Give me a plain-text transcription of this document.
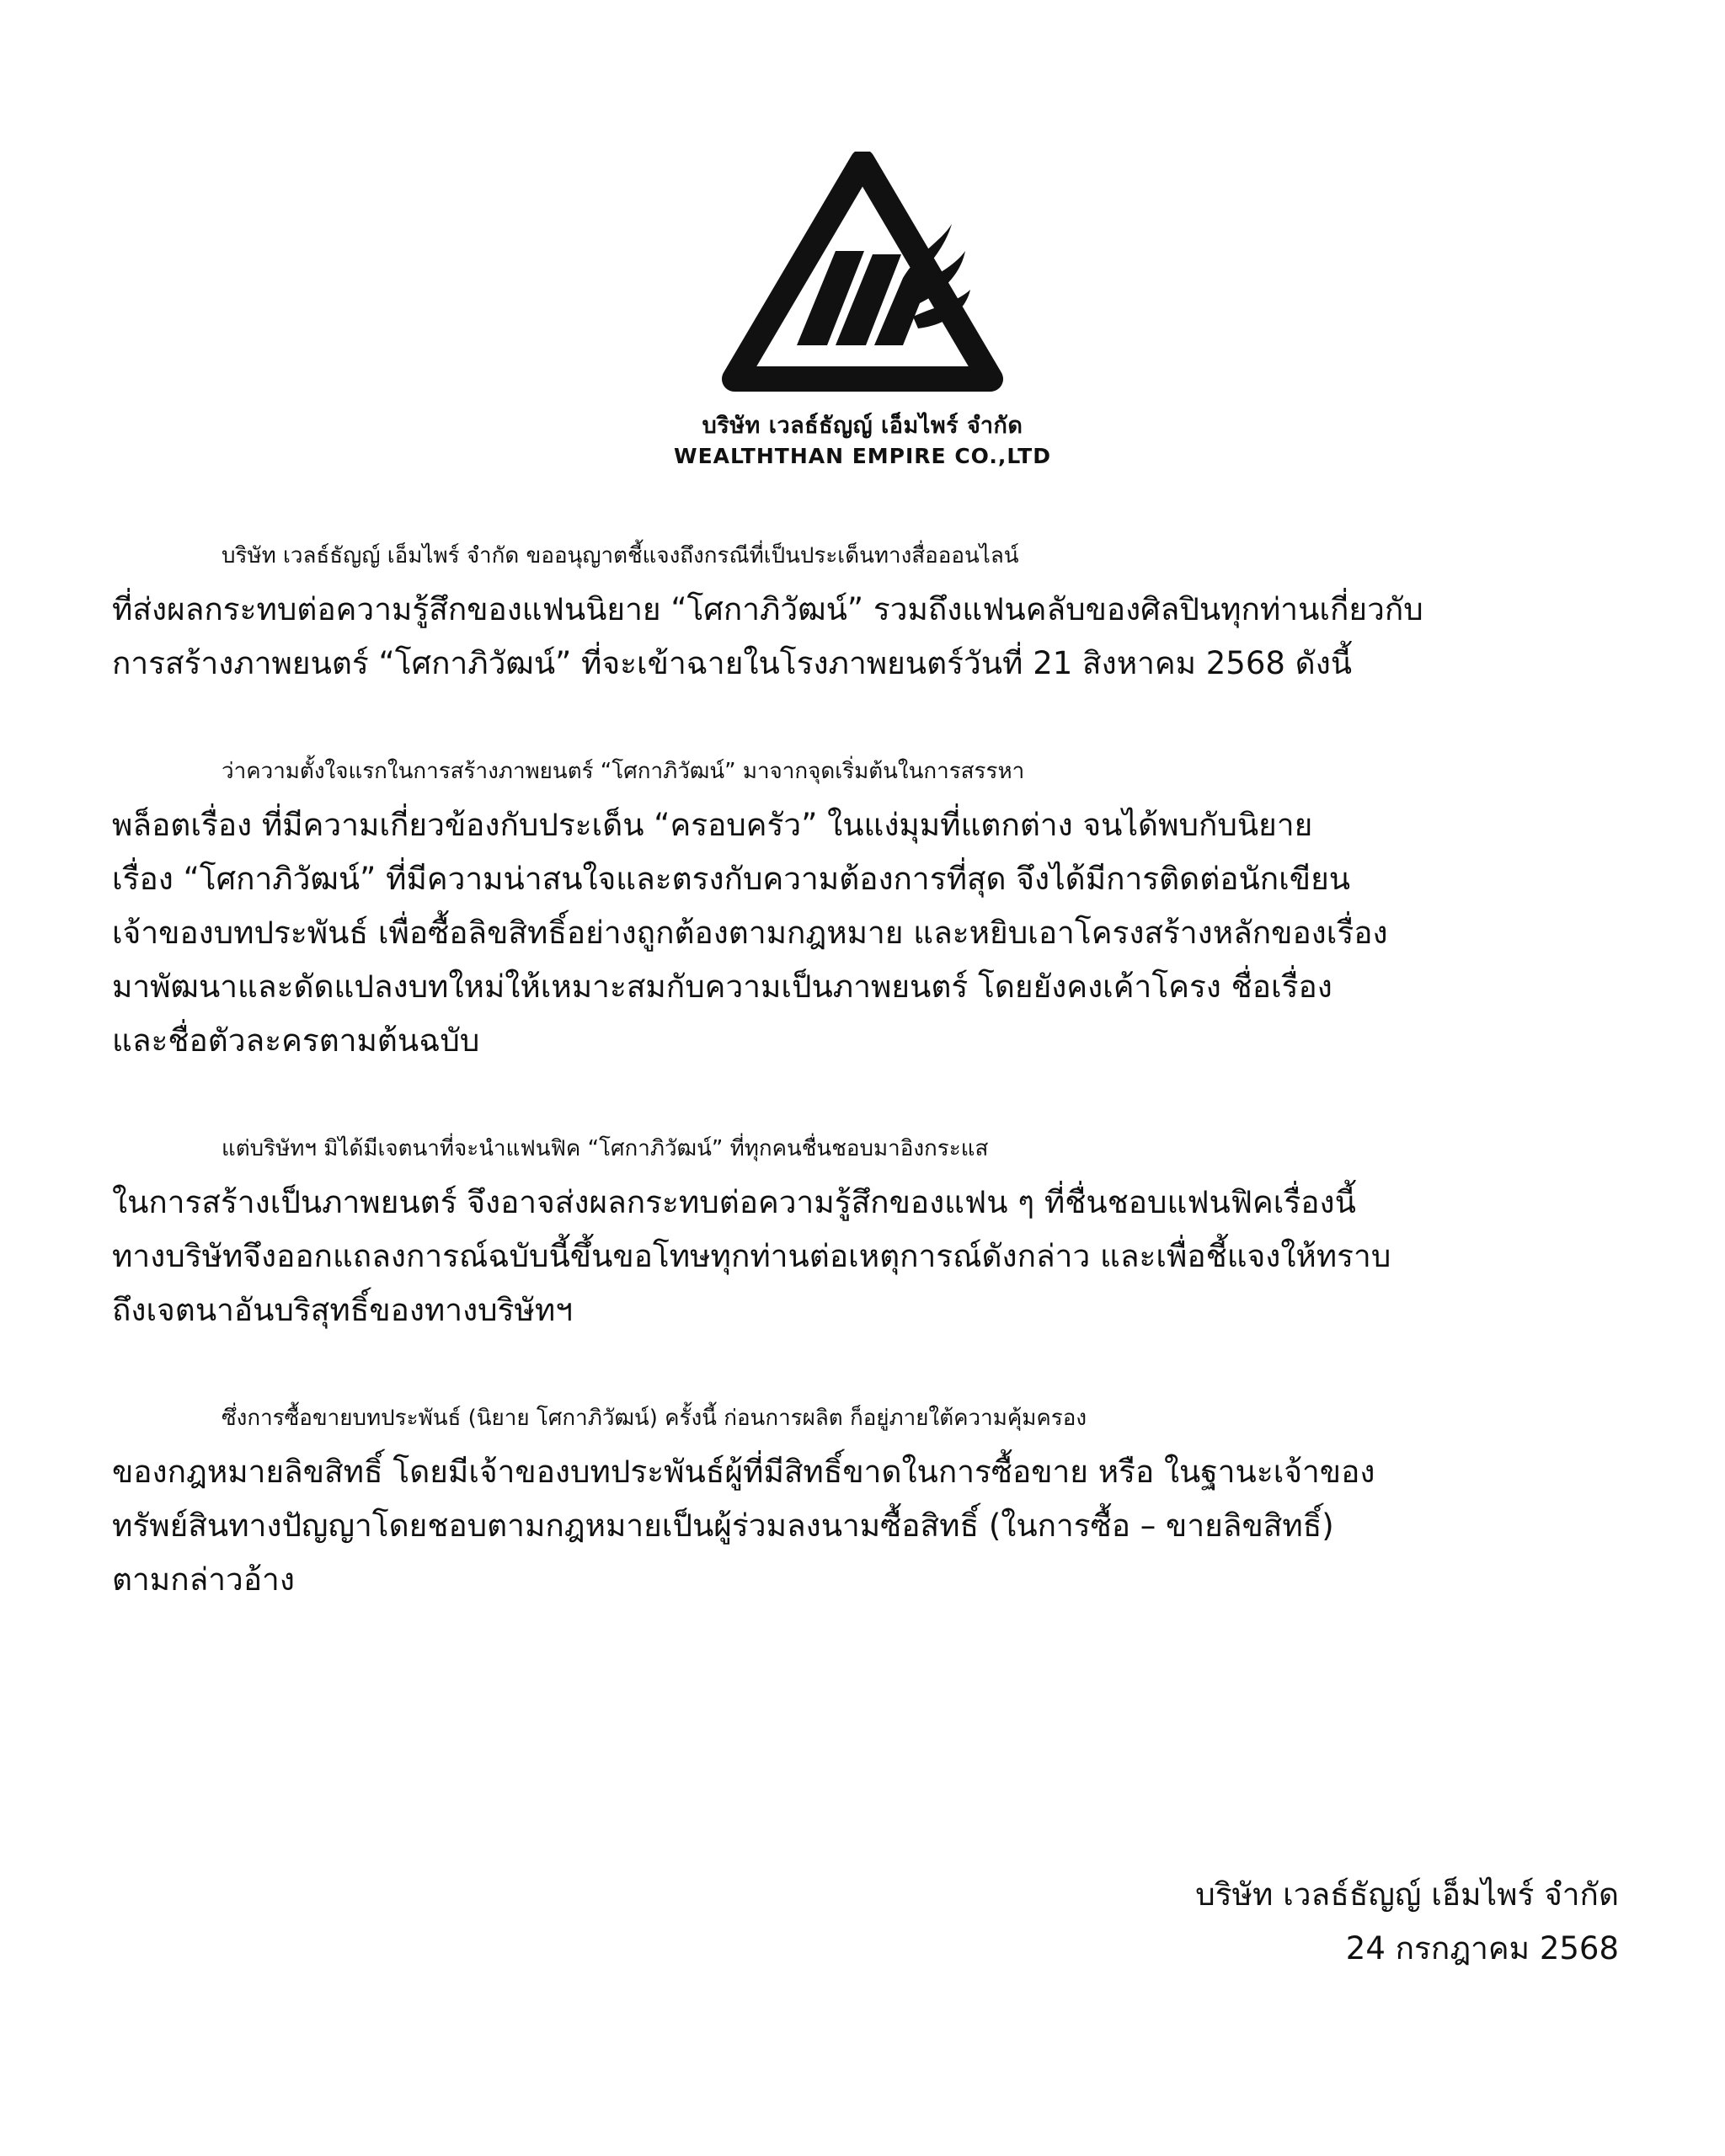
บริษัท เวลธ์ธัญญ์ เอ็มไพร์ จำกัด
WEALTHTHAN EMPIRE CO.,LTD
บริษัท เวลธ์ธัญญ์ เอ็มไพร์ จำกัด ขออนุญาตชี้แจงถึงกรณีที่เป็นประเด็นทางสื่อออนไลน์
ที่ส่งผลกระทบต่อความรู้สึกของแฟนนิยาย “โศกาภิวัฒน์” รวมถึงแฟนคลับของศิลปินทุกท่านเกี่ยวกับ
การสร้างภาพยนตร์ “โศกาภิวัฒน์” ที่จะเข้าฉายในโรงภาพยนตร์วันที่ 21 สิงหาคม 2568 ดังนี้
ว่าความตั้งใจแรกในการสร้างภาพยนตร์ “โศกาภิวัฒน์” มาจากจุดเริ่มต้นในการสรรหา
พล็อตเรื่อง ที่มีความเกี่ยวข้องกับประเด็น “ครอบครัว” ในแง่มุมที่แตกต่าง จนได้พบกับนิยาย
เรื่อง “โศกาภิวัฒน์” ที่มีความน่าสนใจและตรงกับความต้องการที่สุด จึงได้มีการติดต่อนักเขียน
เจ้าของบทประพันธ์ เพื่อซื้อลิขสิทธิ์อย่างถูกต้องตามกฎหมาย และหยิบเอาโครงสร้างหลักของเรื่อง
มาพัฒนาและดัดแปลงบทใหม่ให้เหมาะสมกับความเป็นภาพยนตร์ โดยยังคงเค้าโครง ชื่อเรื่อง
และชื่อตัวละครตามต้นฉบับ
แต่บริษัทฯ มิได้มีเจตนาที่จะนำแฟนฟิค “โศกาภิวัฒน์” ที่ทุกคนชื่นชอบมาอิงกระแส
ในการสร้างเป็นภาพยนตร์ จึงอาจส่งผลกระทบต่อความรู้สึกของแฟน ๆ ที่ชื่นชอบแฟนฟิคเรื่องนี้
ทางบริษัทจึงออกแถลงการณ์ฉบับนี้ขึ้นขอโทษทุกท่านต่อเหตุการณ์ดังกล่าว และเพื่อชี้แจงให้ทราบ
ถึงเจตนาอันบริสุทธิ์ของทางบริษัทฯ
ซึ่งการซื้อขายบทประพันธ์ (นิยาย โศกาภิวัฒน์) ครั้งนี้ ก่อนการผลิต ก็อยู่ภายใต้ความคุ้มครอง
ของกฎหมายลิขสิทธิ์ โดยมีเจ้าของบทประพันธ์ผู้ที่มีสิทธิ์ขาดในการซื้อขาย หรือ ในฐานะเจ้าของ
ทรัพย์สินทางปัญญาโดยชอบตามกฎหมายเป็นผู้ร่วมลงนามซื้อสิทธิ์ (ในการซื้อ – ขายลิขสิทธิ์)
ตามกล่าวอ้าง
บริษัท เวลธ์ธัญญ์ เอ็มไพร์ จำกัด
24 กรกฎาคม 2568
